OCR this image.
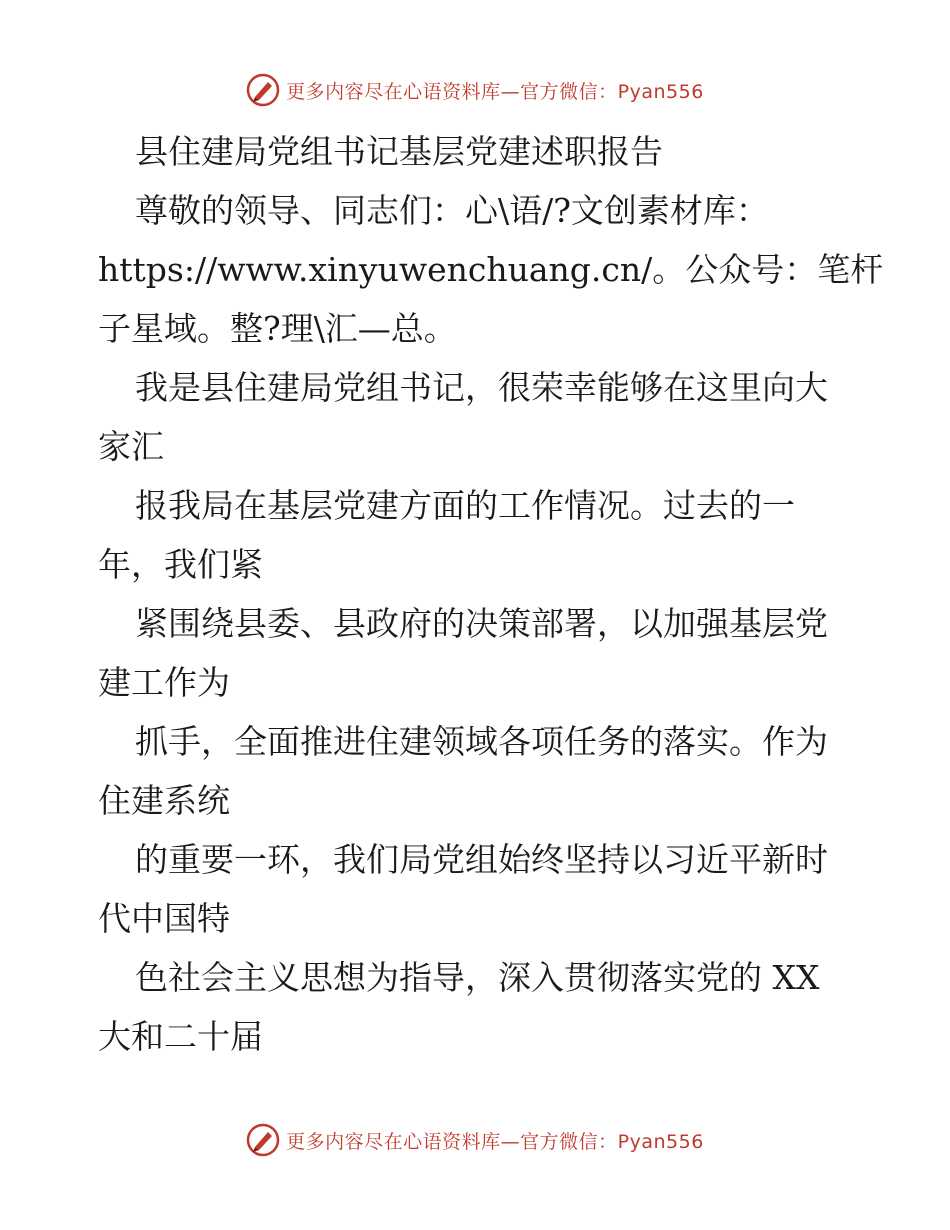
更多内容尽在心语资料库—官方微信：Pyan556
县住建局党组书记基层党建述职报告
尊敬的领导、同志们：心\语/?文创素材库：
https://www.xinyuwenchuang.cn/。公众号：笔杆
子星域。整?理\汇—总。
我是县住建局党组书记，很荣幸能够在这里向大
家汇
报我局在基层党建方面的工作情况。过去的一
年，我们紧
紧围绕县委、县政府的决策部署，以加强基层党
建工作为
抓手，全面推进住建领域各项任务的落实。作为
住建系统
的重要一环，我们局党组始终坚持以习近平新时
代中国特
色社会主义思想为指导，深入贯彻落实党的 XX
大和二十届
更多内容尽在心语资料库—官方微信：Pyan556
